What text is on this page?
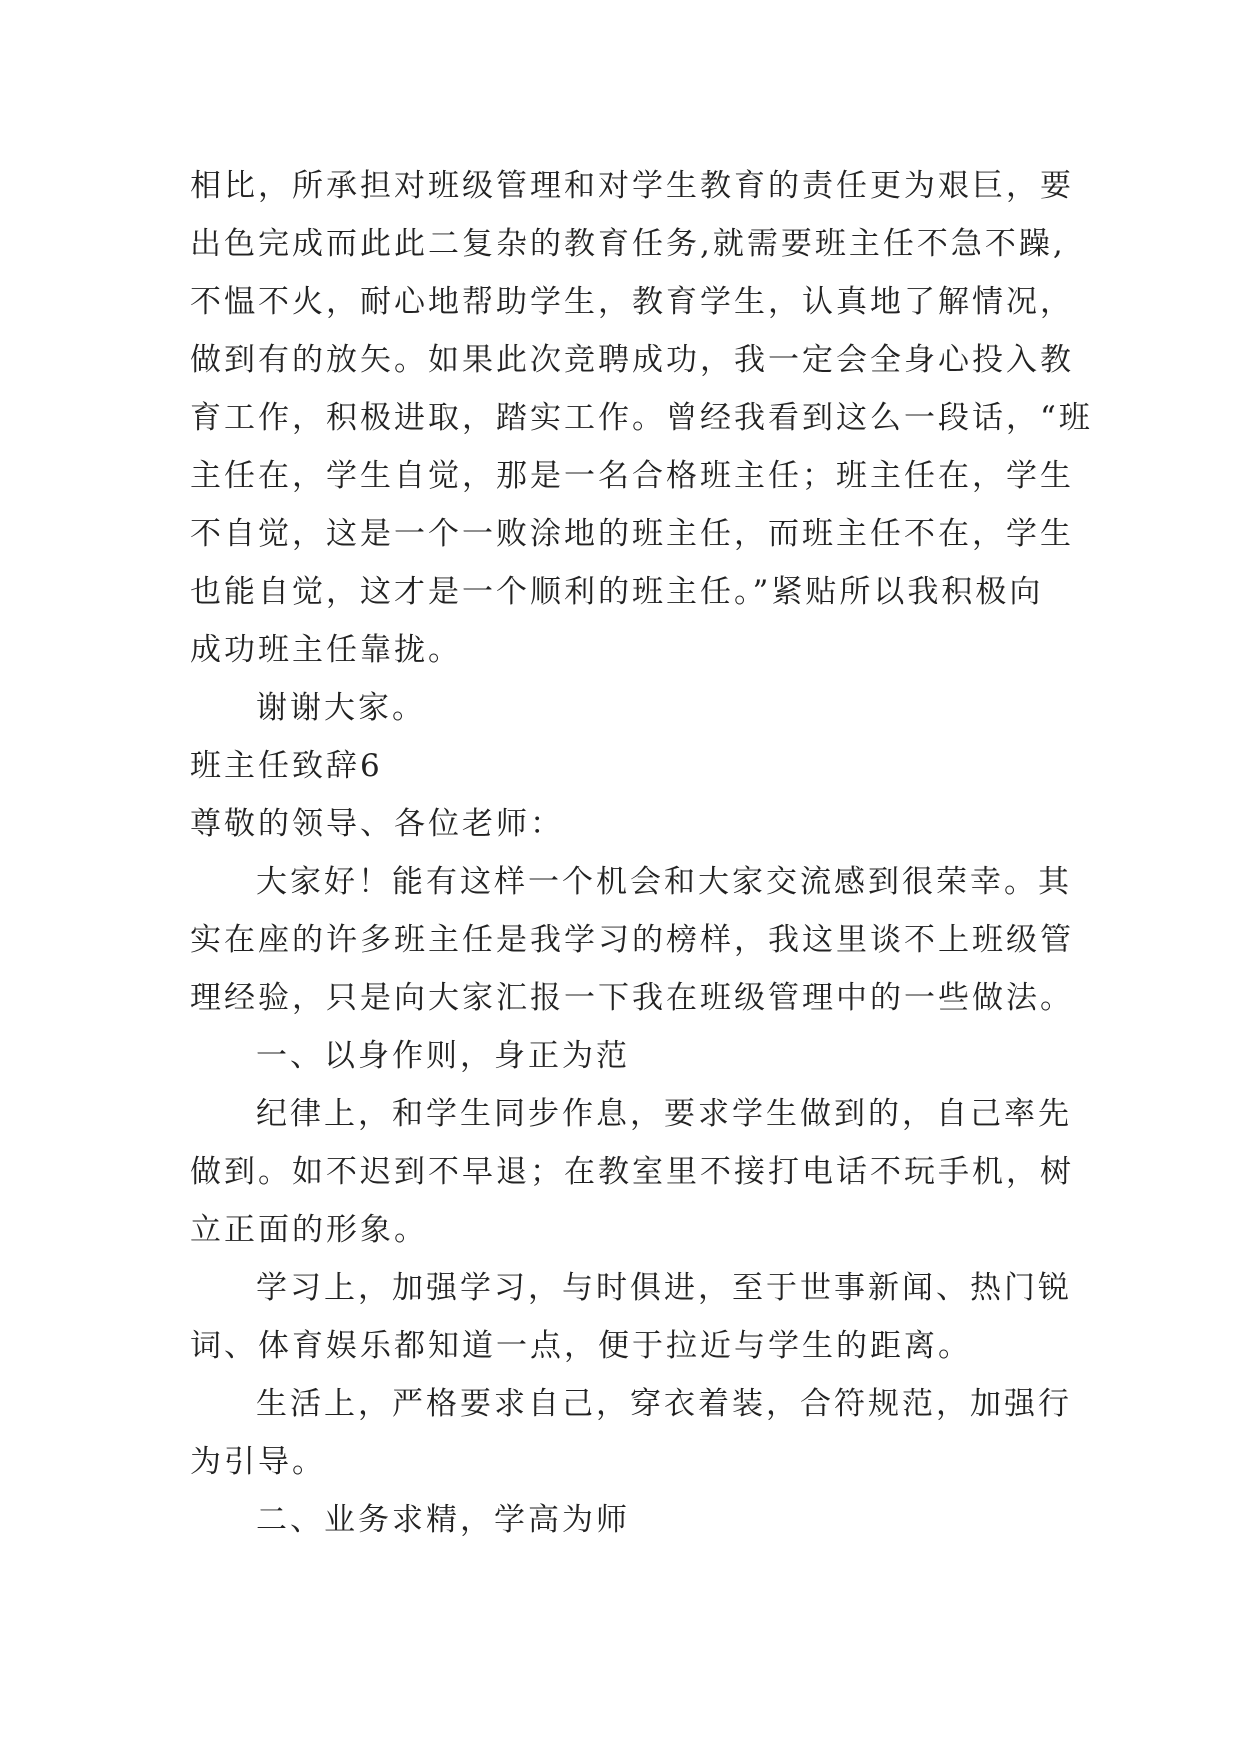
相比，所承担对班级管理和对学生教育的责任更为艰巨，要
出色完成而此此二复杂的教育任务,就需要班主任不急不躁,
不愠不火，耐心地帮助学生，教育学生，认真地了解情况，
做到有的放矢。如果此次竞聘成功，我一定会全身心投入教
育工作，积极进取，踏实工作。曾经我看到这么一段话，“班
主任在，学生自觉，那是一名合格班主任；班主任在，学生
不自觉，这是一个一败涂地的班主任，而班主任不在，学生
也能自觉，这才是一个顺利的班主任。”紧贴所以我积极向
成功班主任靠拢。
谢谢大家。
班主任致辞6
尊敬的领导、各位老师：
大家好！能有这样一个机会和大家交流感到很荣幸。其
实在座的许多班主任是我学习的榜样，我这里谈不上班级管
理经验，只是向大家汇报一下我在班级管理中的一些做法。
一、以身作则，身正为范
纪律上，和学生同步作息，要求学生做到的，自己率先
做到。如不迟到不早退；在教室里不接打电话不玩手机，树
立正面的形象。
学习上，加强学习，与时俱进，至于世事新闻、热门锐
词、体育娱乐都知道一点，便于拉近与学生的距离。
生活上，严格要求自己，穿衣着装，合符规范，加强行
为引导。
二、业务求精，学高为师
